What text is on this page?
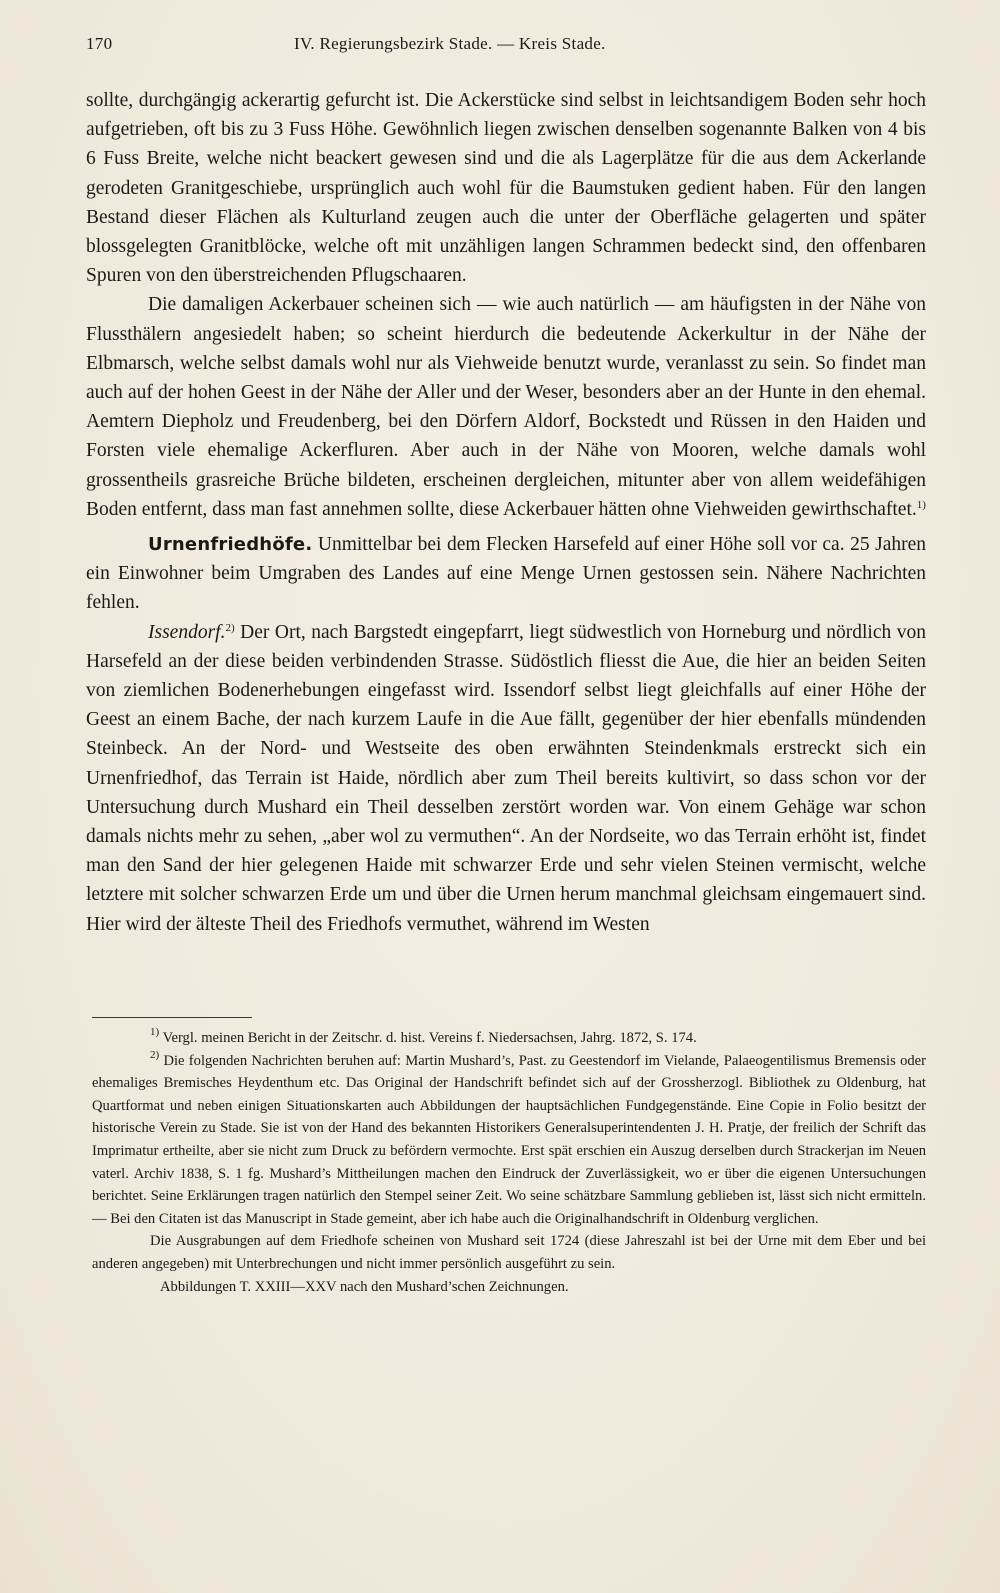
170	IV. Regierungsbezirk Stade. — Kreis Stade.

sollte, durchgängig ackerartig gefurcht ist. Die Ackerstücke sind selbst in leichtsandigem Boden sehr hoch aufgetrieben, oft bis zu 3 Fuss Höhe. Gewöhnlich liegen zwischen denselben sogenannte Balken von 4 bis 6 Fuss Breite, welche nicht beackert gewesen sind und die als Lagerplätze für die aus dem Ackerlande gerodeten Granitgeschiebe, ursprünglich auch wohl für die Baumstuken gedient haben. Für den langen Bestand dieser Flächen als Kulturland zeugen auch die unter der Oberfläche gelagerten und später blossgelegten Granitblöcke, welche oft mit unzähligen langen Schrammen bedeckt sind, den offenbaren Spuren von den überstreichenden Pflugschaaren.

Die damaligen Ackerbauer scheinen sich — wie auch natürlich — am häufigsten in der Nähe von Flussthälern angesiedelt haben; so scheint hierdurch die bedeutende Ackerkultur in der Nähe der Elbmarsch, welche selbst damals wohl nur als Viehweide benutzt wurde, veranlasst zu sein. So findet man auch auf der hohen Geest in der Nähe der Aller und der Weser, besonders aber an der Hunte in den ehemal. Aemtern Diepholz und Freudenberg, bei den Dörfern Aldorf, Bockstedt und Rüssen in den Haiden und Forsten viele ehemalige Ackerfluren. Aber auch in der Nähe von Mooren, welche damals wohl grossentheils grasreiche Brüche bildeten, erscheinen dergleichen, mitunter aber von allem weidefähigen Boden entfernt, dass man fast annehmen sollte, diese Ackerbauer hätten ohne Viehweiden gewirthschaftet.$^{1)}$

Urnenfriedhöfe. Unmittelbar bei dem Flecken Harsefeld auf einer Höhe soll vor ca. 25 Jahren ein Einwohner beim Umgraben des Landes auf eine Menge Urnen gestossen sein. Nähere Nachrichten fehlen.

Issendorf.$^{2)}$ Der Ort, nach Bargstedt eingepfarrt, liegt südwestlich von Horneburg und nördlich von Harsefeld an der diese beiden verbindenden Strasse. Südöstlich fliesst die Aue, die hier an beiden Seiten von ziemlichen Bodenerhebungen eingefasst wird. Issendorf selbst liegt gleichfalls auf einer Höhe der Geest an einem Bache, der nach kurzem Laufe in die Aue fällt, gegenüber der hier ebenfalls mündenden Steinbeck. An der Nord- und Westseite des oben erwähnten Steindenkmals erstreckt sich ein Urnenfriedhof, das Terrain ist Haide, nördlich aber zum Theil bereits kultivirt, so dass schon vor der Untersuchung durch Mushard ein Theil desselben zerstört worden war. Von einem Gehäge war schon damals nichts mehr zu sehen, „aber wol zu vermuthen“. An der Nordseite, wo das Terrain erhöht ist, findet man den Sand der hier gelegenen Haide mit schwarzer Erde und sehr vielen Steinen vermischt, welche letztere mit solcher schwarzen Erde um und über die Urnen herum manchmal gleichsam eingemauert sind. Hier wird der älteste Theil des Friedhofs vermuthet, während im Westen

$^{1)}$ Vergl. meinen Bericht in der Zeitschr. d. hist. Vereins f. Niedersachsen, Jahrg. 1872, S. 174.

$^{2)}$ Die folgenden Nachrichten beruhen auf: Martin Mushard’s, Past. zu Geestendorf im Vielande, Palaeogentilismus Bremensis oder ehemaliges Bremisches Heydenthum etc. Das Original der Handschrift befindet sich auf der Grossherzogl. Bibliothek zu Oldenburg, hat Quartformat und neben einigen Situationskarten auch Abbildungen der hauptsächlichen Fundgegenstände. Eine Copie in Folio besitzt der historische Verein zu Stade. Sie ist von der Hand des bekannten Historikers Generalsuperintendenten J. H. Pratje, der freilich der Schrift das Imprimatur ertheilte, aber sie nicht zum Druck zu befördern vermochte. Erst spät erschien ein Auszug derselben durch Strackerjan im Neuen vaterl. Archiv 1838, S. 1 fg. Mushard’s Mittheilungen machen den Eindruck der Zuverlässigkeit, wo er über die eigenen Untersuchungen berichtet. Seine Erklärungen tragen natürlich den Stempel seiner Zeit. Wo seine schätzbare Sammlung geblieben ist, lässt sich nicht ermitteln. — Bei den Citaten ist das Manuscript in Stade gemeint, aber ich habe auch die Originalhandschrift in Oldenburg verglichen.

Die Ausgrabungen auf dem Friedhofe scheinen von Mushard seit 1724 (diese Jahreszahl ist bei der Urne mit dem Eber und bei anderen angegeben) mit Unterbrechungen und nicht immer persönlich ausgeführt zu sein.

Abbildungen T. XXIII—XXV nach den Mushard’schen Zeichnungen.
